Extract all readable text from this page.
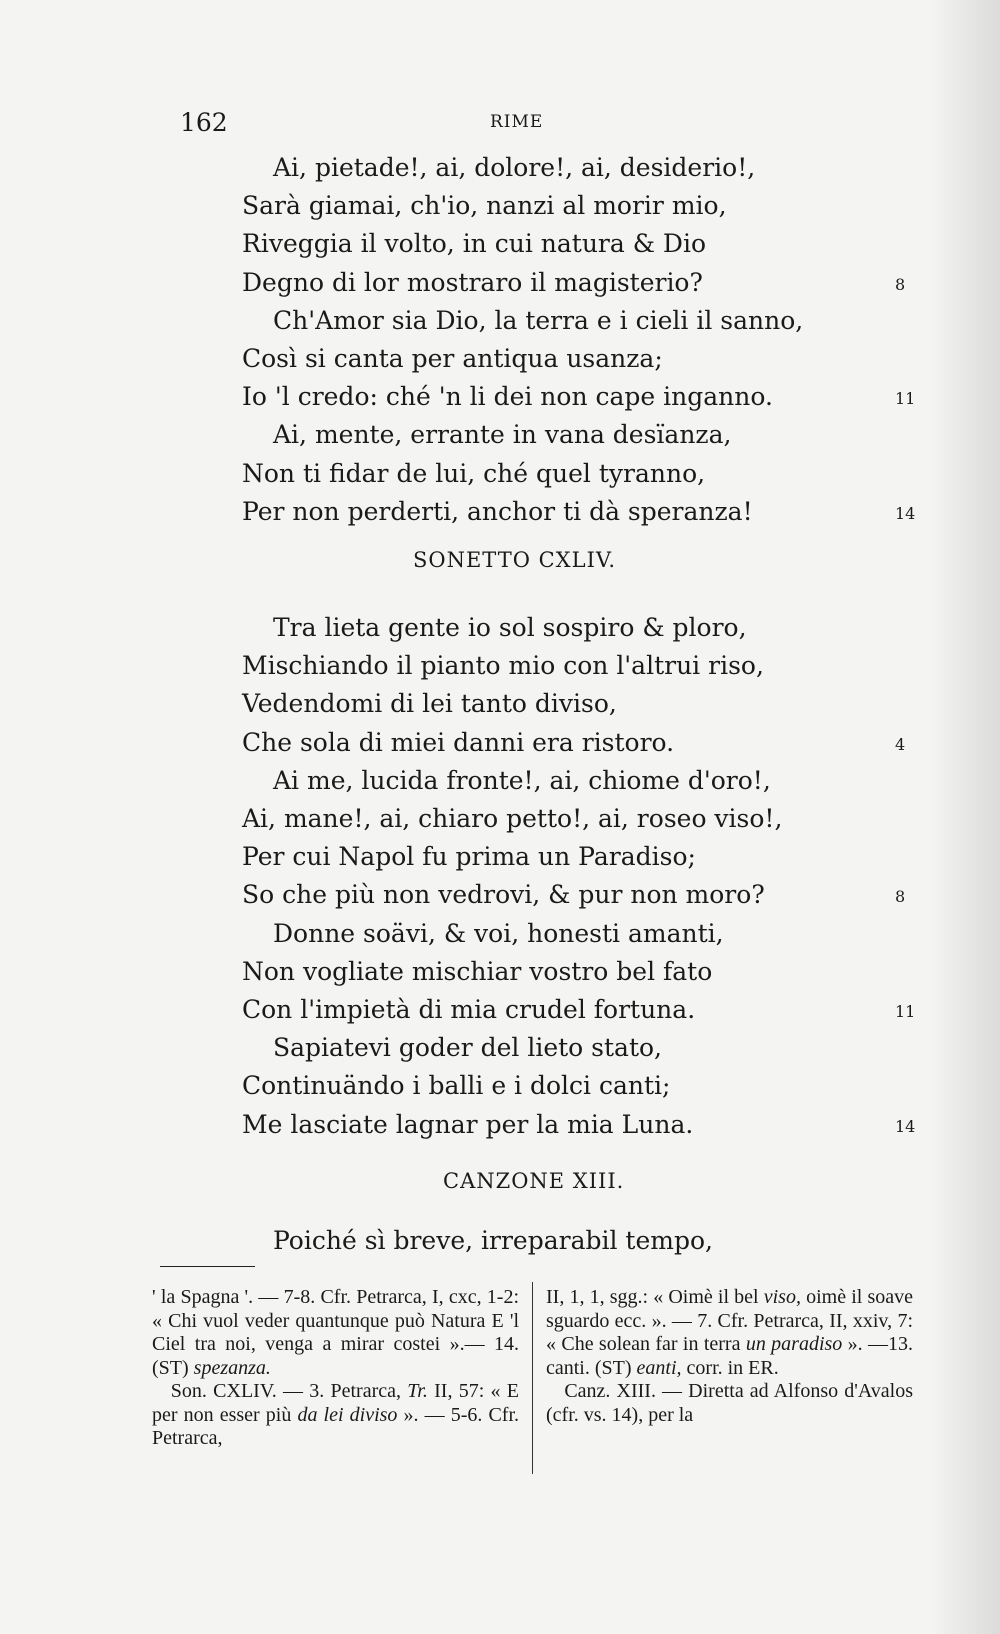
162	RIME
Ai, pietade!, ai, dolore!, ai, desiderio!,
Sarà giamai, ch'io, nanzi al morir mio,
Riveggia il volto, in cui natura & Dio
Degno di lor mostraro il magisterio?	8
Ch'Amor sia Dio, la terra e i cieli il sanno,
Così si canta per antiqua usanza;
Io 'l credo: ché 'n li dei non cape inganno.	11
Ai, mente, errante in vana desïanza,
Non ti fidar de lui, ché quel tyranno,
Per non perderti, anchor ti dà speranza!	14
SONETTO CXLIV.
Tra lieta gente io sol sospiro & ploro,
Mischiando il pianto mio con l'altrui riso,
Vedendomi di lei tanto diviso,
Che sola di miei danni era ristoro.	4
Ai me, lucida fronte!, ai, chiome d'oro!,
Ai, mane!, ai, chiaro petto!, ai, roseo viso!,
Per cui Napol fu prima un Paradiso;
So che più non vedrovi, & pur non moro?	8
Donne soävi, & voi, honesti amanti,
Non vogliate mischiar vostro bel fato
Con l'impietà di mia crudel fortuna.	11
Sapiatevi goder del lieto stato,
Continuändo i balli e i dolci canti;
Me lasciate lagnar per la mia Luna.	14
CANZONE XIII.
Poiché sì breve, irreparabil tempo,

' la Spagna '. — 7-8. Cfr. Petrarca, I, cxc, 1-2: « Chi vuol veder quantunque può Natura E 'l Ciel tra noi, venga a mirar costei ».— 14. (ST) spezanza.

Son. CXLIV. — 3. Petrarca, Tr. II, 57: « E per non esser più da lei diviso ». — 5-6. Cfr. Petrarca,

II, 1, 1, sgg.: « Oimè il bel viso, oimè il soave sguardo ecc. ». — 7. Cfr. Petrarca, II, xxiv, 7: « Che solean far in terra un paradiso ». —13. canti. (ST) eanti, corr. in ER.

Canz. XIII. — Diretta ad Alfonso d'Avalos (cfr. vs. 14), per la
